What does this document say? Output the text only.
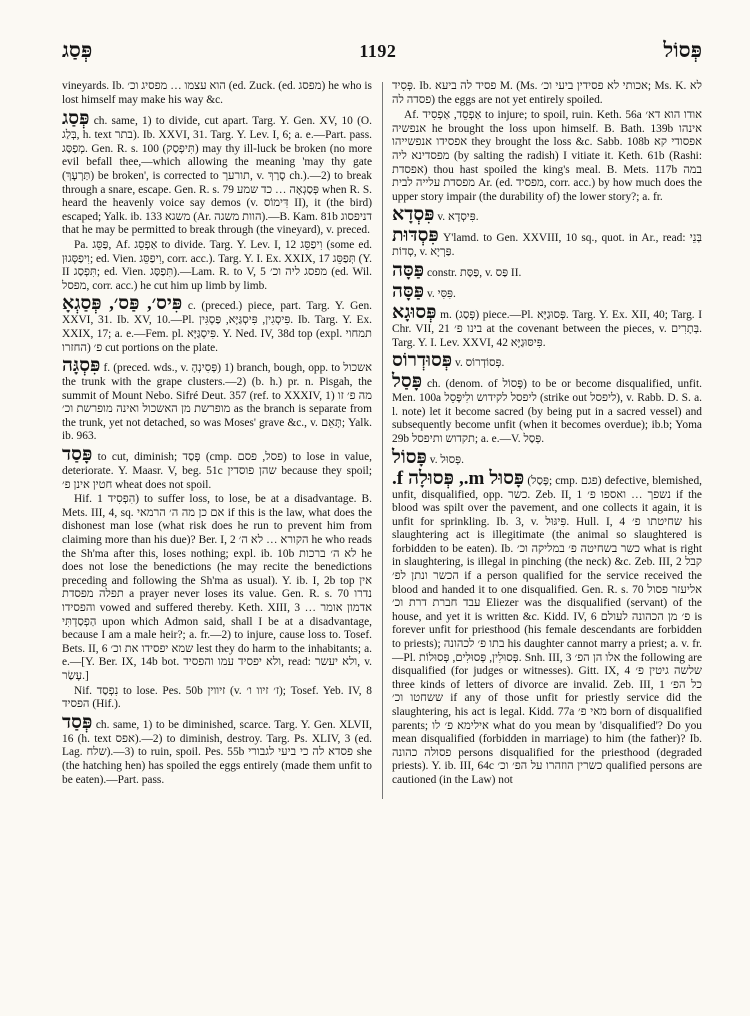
פְּסַג	1192	פְּסוֹל

vineyards. Ib. הוא עצמו … מפסיג וכ׳ (ed. Zuck. (ed. מפסג) he who is lost himself may make his way &c.

פְּסַג ch. same, 1) to divide, cut apart. Targ. Y. Gen. XV, 10 (O. בְּלַג, h. text בתר). Ib. XXVI, 31. Targ. Y. Lev. I, 6; a. e.—Part. pass. מְפַסַּג. Gen. R. s. 100 (תִּיפְסַק) may thy ill-luck be broken (no more evil befall thee,—which allowing the meaning 'may thy gate (תַּרְעָךְ) be broken', is corrected to תורעך, v. סָרַךְ ch.).—2) to break through a snare, escape. Gen. R. s. 79 פְּסַגְאָה … כד שמע when R. S. heard the heavenly voice say demos (v. דִּימוֹס II), it (the bird) escaped; Yalk. ib. 133 משגא (Ar. הוות משגה).—B. Kam. 81b דניפסוג that he may be permitted to break through (the vineyard), v. preced.

Pa. פַּסֵּג, Af. אַפְסֵג to divide. Targ. Y. Lev. I, 12 וִיפַסֵּג (some ed. וִיפַסְּגוּן; ed. Vien. וִיפַסֵּג, corr. acc.). Targ. Y. I. Ex. XXIX, 17 תְּפַסֵּג (Y. II תִּפְסַג; ed. Vien. תִּפַסַּג).—Lam. R. to V, 5 מפסג ליה וכ׳ (ed. Wil. מפסל, corr. acc.) he cut him up limb by limb.

פִּיס׳, פַּס׳, פְּסַגְאָ c. (preced.) piece, part. Targ. Y. Gen. XXVI, 31. Ib. XV, 10.—Pl. פִּיסְגִין, פִּיסְגַּיָּא, פַּסְגִּין. Ib. Targ. Y. Ex. XXIX, 17; a. e.—Fem. pl. פִּיסְגַּיָּא. Y. Ned. IV, 38d top (expl. תמחוי החזרו) פ׳ cut portions on the plate.

פִּסְגָּה f. (preced. wds., v. פְּסִינְהָ) 1) branch, bough, opp. to אשכול the trunk with the grape clusters.—2) (b. h.) pr. n. Pisgah, the summit of Mount Nebo. Sifré Deut. 357 (ref. to XXXIV, 1) מה פ׳ זו מופרשת מן האשכול ואינה מופרשת וכ׳ as the branch is separate from the trunk, yet not detached, so was Moses' grave &c., v. תָּאֵם; Yalk. ib. 963.

פָּסַד to cut, diminish; פְּסַד (cmp. פסל, פסם) to lose in value, deteriorate. Y. Maasr. V, beg. 51c שהן פוסדין because they spoil; חטין אינן פ׳ wheat does not spoil.

Hif. הִפְסִיד 1) to suffer loss, to lose, be at a disadvantage. B. Mets. III, 4, sq. אם כן מה ה׳ הרמאי if this is the law, what does the dishonest man lose (what risk does he run to prevent him from claiming more than his due)? Ber. I, 2 הקורא … לא ה׳ he who reads the Sh'ma after this, loses nothing; expl. ib. 10b לא ה׳ ברכות he does not lose the benedictions (he may recite the benedictions preceding and following the Sh'ma as usual). Y. ib. I, 2b top אין תפלה מפסדת a prayer never loses its value. Gen. R. s. 70 נדרו והפסידו vowed and suffered thereby. Keth. XIII, 3 אדמון אומר … הַפְסַדְתִּי upon which Admon said, shall I be at a disadvantage, because I am a male heir?; a. fr.—2) to injure, cause loss to. Tosef. Bets. II, 6 שמא יפסידו את וכ׳ lest they do harm to the inhabitants; a. e.—[Y. Ber. IX, 14b bot. ולא יפסיד עמו והפסיד, read: ולא יעשר, v. עָשַׂר.]

Nif. נִפְסַד to lose. Pes. 50b זיווין (v. ז׳ זיוו ו׳); Tosef. Yeb. IV, 8 הפסיד (Hif.).

פְּסַד ch. same, 1) to be diminished, scarce. Targ. Y. Gen. XLVII, 16 (h. text אפס).—2) to diminish, destroy. Targ. Ps. XLIV, 3 (ed. Lag. שלח).—3) to ruin, spoil. Pes. 55b פסדא לה כי ביעי לגבורי she (the hatching hen) has spoiled the eggs entirely (made them unfit to be eaten).—Part. pass.

פְּסִיד. Ib. פסיד לה ביעא M. (Ms. אכותי לא פסידין ביעי וכ׳; Ms. K. לא פסדה לה) the eggs are not yet entirely spoiled.

Af. אַפְסֵד, אַפְסִיד to injure; to spoil, ruin. Keth. 56a אודו הוא דא׳ אנפשיה he brought the loss upon himself. B. Bath. 139b אינהו אפסידו אנפשייהו they brought the loss &c. Sabb. 108b אפסודי קא מפסדינא ליה (by salting the radish) I vitiate it. Keth. 61b (Rashi: אפסדת) thou hast spoiled the king's meal. B. Mets. 117b במה מפסדת עלייה לבית Ar. (ed. מפסיד, corr. acc.) by how much does the upper story impair (the durability of) the lower story?; a. fr.

פִּסְדָא v. פִּיסְדָא.

פִּסְדּוּת Y'lamd. to Gen. XXVIII, 10 sq., quot. in Ar., read: בְּנֵי סְדוֹת, v. פַּרְיָא.

פַּסָּה constr. פַּסַּת, v. פַּס II.

פַּסָּה v. פִּסִּי.

פְּסוּגָא m. (פְּסַג) piece.—Pl. פְּסוּגַיָּא. Targ. Y. Ex. XII, 40; Targ. I Chr. VII, 21 בינו פ׳ at the covenant between the pieces, v. בְּתָרִים. Targ. Y. I. Lev. XXVI, 42 פִּיסּוּגַיָּא.

פְּסוּדְרוֹס v. פְּסוֹדְרוֹס.

פָּסַל ch. (denom. of פָּסוֹל) to be or become disqualified, unfit. Men. 100a ליפסל לקידוש ולִיפָּסֵל (strike out ליפסל), v. Rabb. D. S. a. l. note) let it become sacred (by being put in a sacred vessel) and subsequently become unfit (when it becomes overdue); ib.b; Yoma 29b תקדוש ותיפסל; a. e.—V. פְּסַל.

פָּסוֹל v. פְּסוּל.

פָּסוּל m., פְּסוּלָה f. (פָּסַל; cmp. פגם) defective, blemished, unfit, disqualified, opp. כשר. Zeb. II, 1 נשפך … ואספו פ׳ if the blood was spilt over the pavement, and one collects it again, it is unfit for sprinkling. Ib. 3, v. פִּיגּוּל. Hull. I, 4 שחיטתו פ׳ his slaughtering act is illegitimate (the animal so slaughtered is forbidden to be eaten). Ib. כשר בשחיטה פ׳ במליקה וכ׳ what is right in slaughtering, is illegal in pinching (the neck) &c. Zeb. III, 2 קבל הכשר ונתן לפ׳ if a person qualified for the service received the blood and handed it to one disqualified. Gen. R. s. 70 אליעזר פסול עבד חברת דרת וכ׳ Eliezer was the disqualified (servant) of the house, and yet it is written &c. Kidd. IV, 6 פ׳ מן הכהונה לעולם is forever unfit for priesthood (his female descendants are forbidden to priests); בתו פ׳ לכהונה his daughter cannot marry a priest; a. v. fr.—Pl. פְּסוּלִין, פְּסוּלִים, פְּסוּלוֹת. Snh. III, 3 אלו הן הפ׳ the following are disqualified (for judges or witnesses). Gitt. IX, 4 שלשה גיטין פ׳ three kinds of letters of divorce are invalid. Zeb. III, 1 כל הפ׳ ששחטו וכ׳ if any of those unfit for priestly service did the slaughtering, his act is legal. Kidd. 77a מאי פ׳ born of disqualified parents; אילימא פ׳ לו what do you mean by 'disqualified'? Do you mean disqualified (forbidden in marriage) to him (the father)? Ib. פסולה כהונה persons disqualified for the priesthood (degraded priests). Y. ib. III, 64c כשרין הוזהרו על הפ׳ וכ׳ qualified persons are cautioned (in the Law) not
